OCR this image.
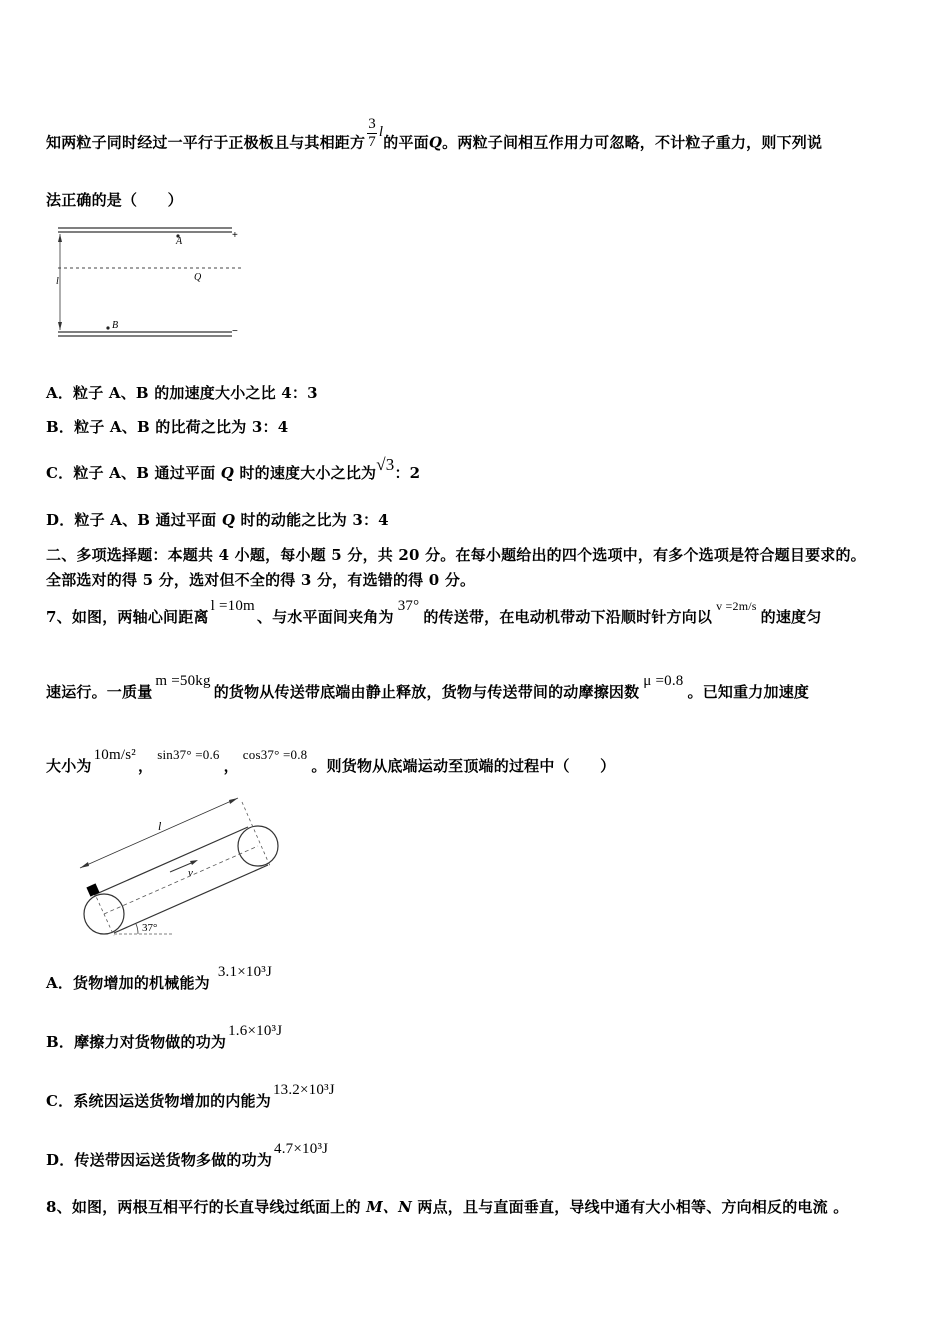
知两粒子同时经过一平行于正极板且与其相距方 $\frac{3}{7}$ l的平面Q。两粒子间相互作用力可忽略，不计粒子重力，则下列说
法正确的是（　　）
l
A
Q
B
+
−
A．粒子 A、B 的加速度大小之比 4：3
B．粒子 A、B 的比荷之比为 3：4
C．粒子 A、B 通过平面 Q 时的速度大小之比为√3：2
D．粒子 A、B 通过平面 Q 时的动能之比为 3：4
二、多项选择题：本题共 4 小题，每小题 5 分，共 20 分。在每小题给出的四个选项中，有多个选项是符合题目要求的。
全部选对的得 5 分，选对但不全的得 3 分，有选错的得 0 分。
7、如图，两轴心间距离l =10m、与水平面间夹角为37°的传送带，在电动机带动下沿顺时针方向以v =2m/s的速度匀
速运行。一质量m =50kg的货物从传送带底端由静止释放，货物与传送带间的动摩擦因数μ =0.8。已知重力加速度
大小为10m/s²，sin37° =0.6，cos37° =0.8。则货物从底端运动至顶端的过程中（　　）
l
v
37°
A．货物增加的机械能为3.1×10³J
B．摩擦力对货物做的功为1.6×10³J
C．系统因运送货物增加的内能为13.2×10³J
D．传送带因运送货物多做的功为4.7×10³J
8、如图，两根互相平行的长直导线过纸面上的 M、N 两点，且与直面垂直，导线中通有大小相等、方向相反的电流 。
